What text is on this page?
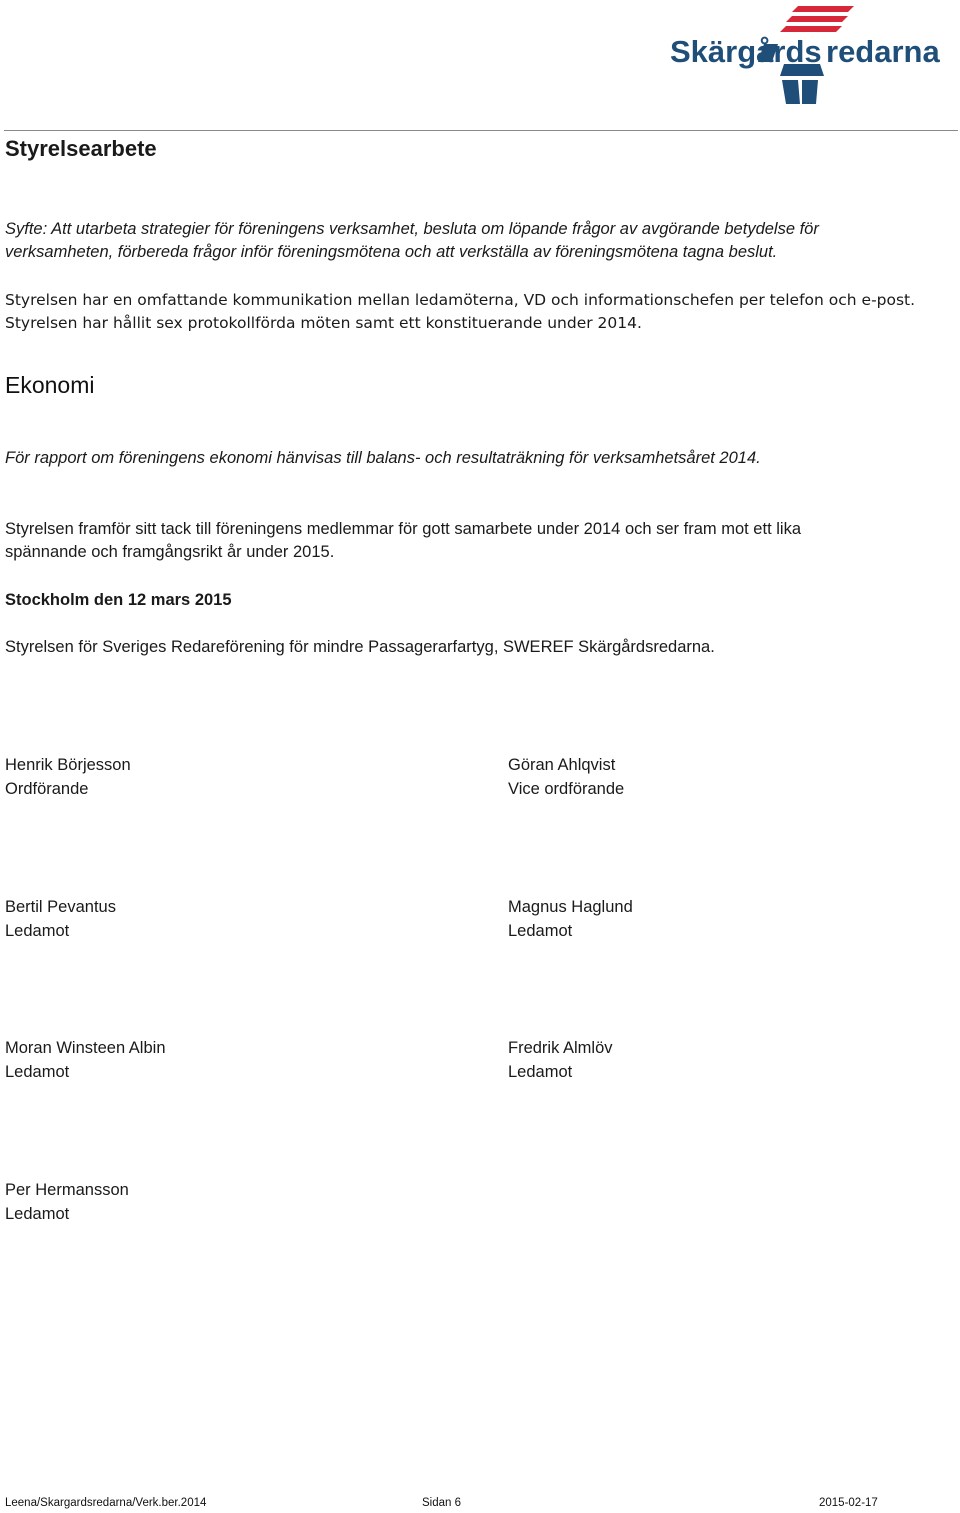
Skärgårds redarna
Styrelsearbete
Syfte: Att utarbeta strategier för föreningens verksamhet, besluta om löpande frågor av avgörande betydelse för
verksamheten, förbereda frågor inför föreningsmötena och att verkställa av föreningsmötena tagna beslut.
Styrelsen har en omfattande kommunikation mellan ledamöterna, VD och informationschefen per telefon och e-post.
Styrelsen har hållit sex protokollförda möten samt ett konstituerande under 2014.
Ekonomi
För rapport om föreningens ekonomi hänvisas till balans- och resultaträkning för verksamhetsåret 2014.
Styrelsen framför sitt tack till föreningens medlemmar för gott samarbete under 2014 och ser fram mot ett lika
spännande och framgångsrikt år under 2015.
Stockholm den 12 mars 2015
Styrelsen för Sveriges Redareförening för mindre Passagerarfartyg, SWEREF Skärgårdsredarna.
Henrik Börjesson
Ordförande
Göran Ahlqvist
Vice ordförande
Bertil Pevantus
Ledamot
Magnus Haglund
Ledamot
Moran Winsteen Albin
Ledamot
Fredrik Almlöv
Ledamot
Per Hermansson
Ledamot
Leena/Skargardsredarna/Verk.ber.2014	Sidan 6	2015-02-17
